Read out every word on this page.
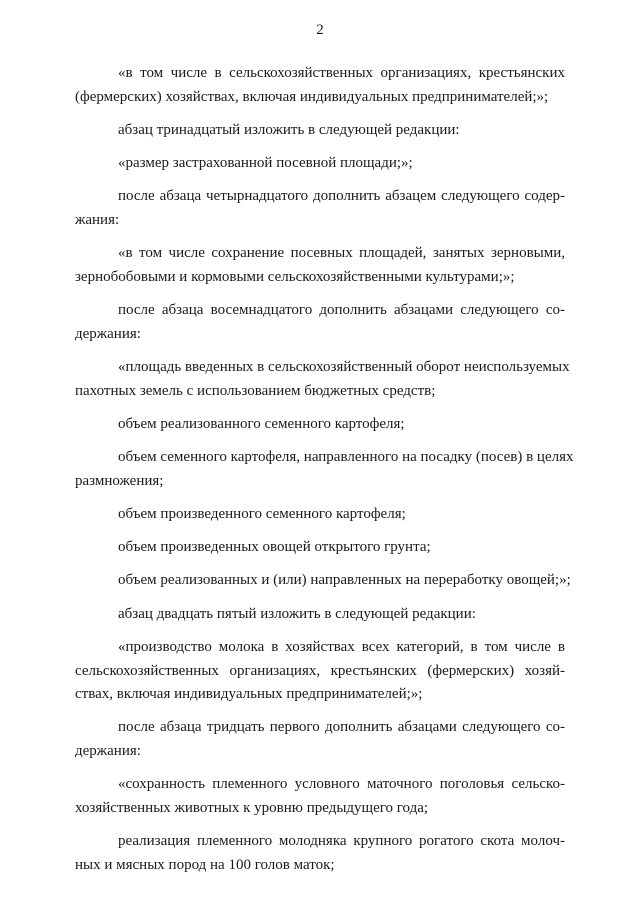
2
«в том числе в сельскохозяйственных организациях, крестьянских
(фермерских) хозяйствах, включая индивидуальных предпринимателей;»;
абзац тринадцатый изложить в следующей редакции:
«размер застрахованной посевной площади;»;
после абзаца четырнадцатого дополнить абзацем следующего содер-
жания:
«в том числе сохранение посевных площадей, занятых зерновыми,
зернобобовыми и кормовыми сельскохозяйственными культурами;»;
после абзаца восемнадцатого дополнить абзацами следующего со-
держания:
«площадь введенных в сельскохозяйственный оборот неиспользуемых
пахотных земель с использованием бюджетных средств;
объем реализованного семенного картофеля;
объем семенного картофеля, направленного на посадку (посев) в целях
размножения;
объем произведенного семенного картофеля;
объем произведенных овощей открытого грунта;
объем реализованных и (или) направленных на переработку овощей;»;
абзац двадцать пятый изложить в следующей редакции:
«производство молока в хозяйствах всех категорий, в том числе в
сельскохозяйственных организациях, крестьянских (фермерских) хозяй-
ствах, включая индивидуальных предпринимателей;»;
после абзаца тридцать первого дополнить абзацами следующего со-
держания:
«сохранность племенного условного маточного поголовья сельско-
хозяйственных животных к уровню предыдущего года;
реализация племенного молодняка крупного рогатого скота молоч-
ных и мясных пород на 100 голов маток;
